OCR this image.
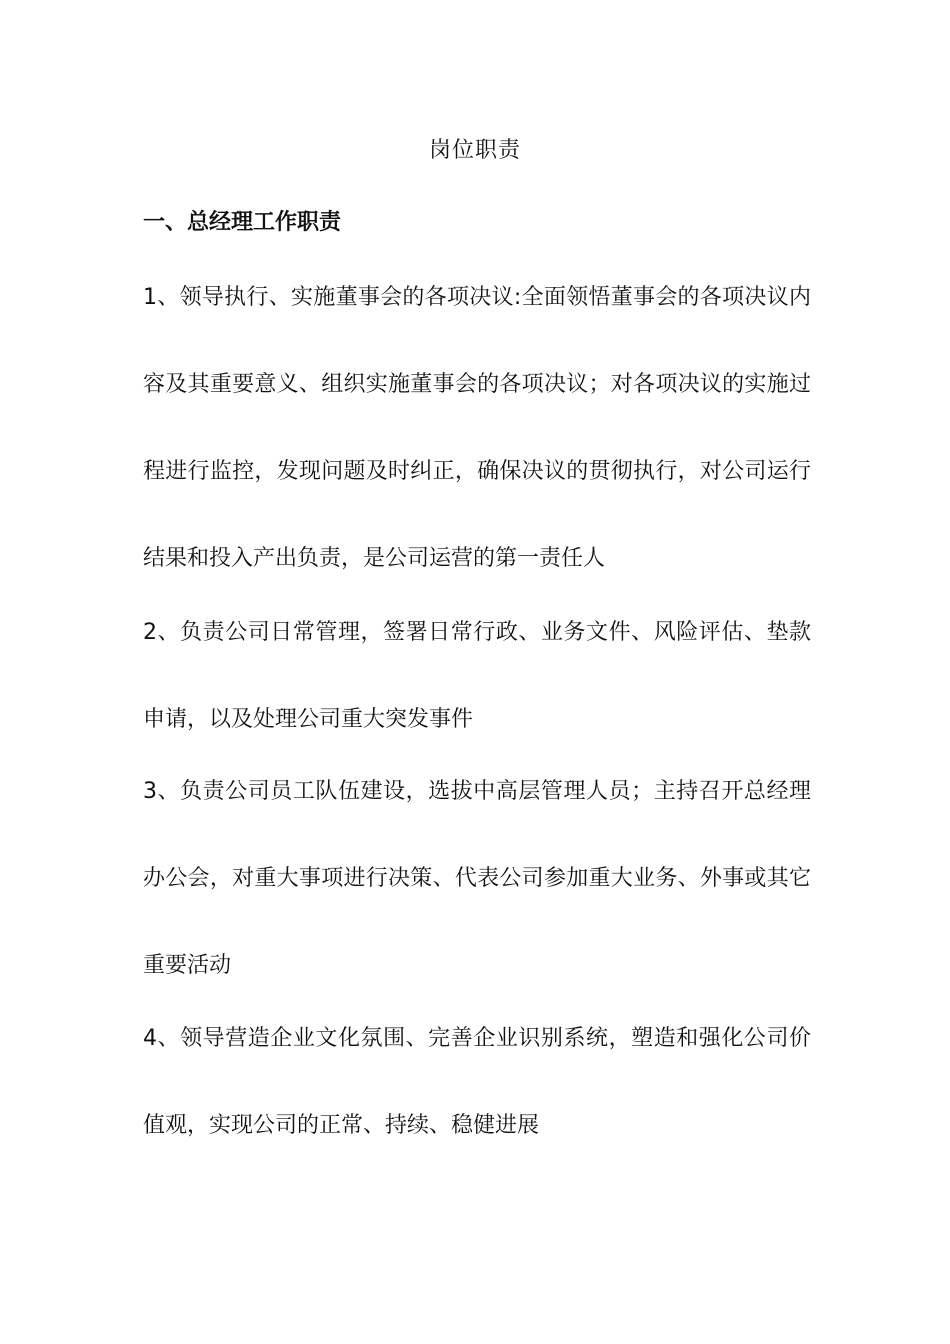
岗位职责
一、总经理工作职责

1、领导执行、实施董事会的各项决议:全面领悟董事会的各项决议内容及其重要意义、组织实施董事会的各项决议；对各项决议的实施过程进行监控，发现问题及时纠正，确保决议的贯彻执行，对公司运行结果和投入产出负责，是公司运营的第一责任人

2、负责公司日常管理，签署日常行政、业务文件、风险评估、垫款申请，以及处理公司重大突发事件

3、负责公司员工队伍建设，选拔中高层管理人员；主持召开总经理办公会，对重大事项进行决策、代表公司参加重大业务、外事或其它重要活动

4、领导营造企业文化氛围、完善企业识别系统，塑造和强化公司价值观，实现公司的正常、持续、稳健进展
